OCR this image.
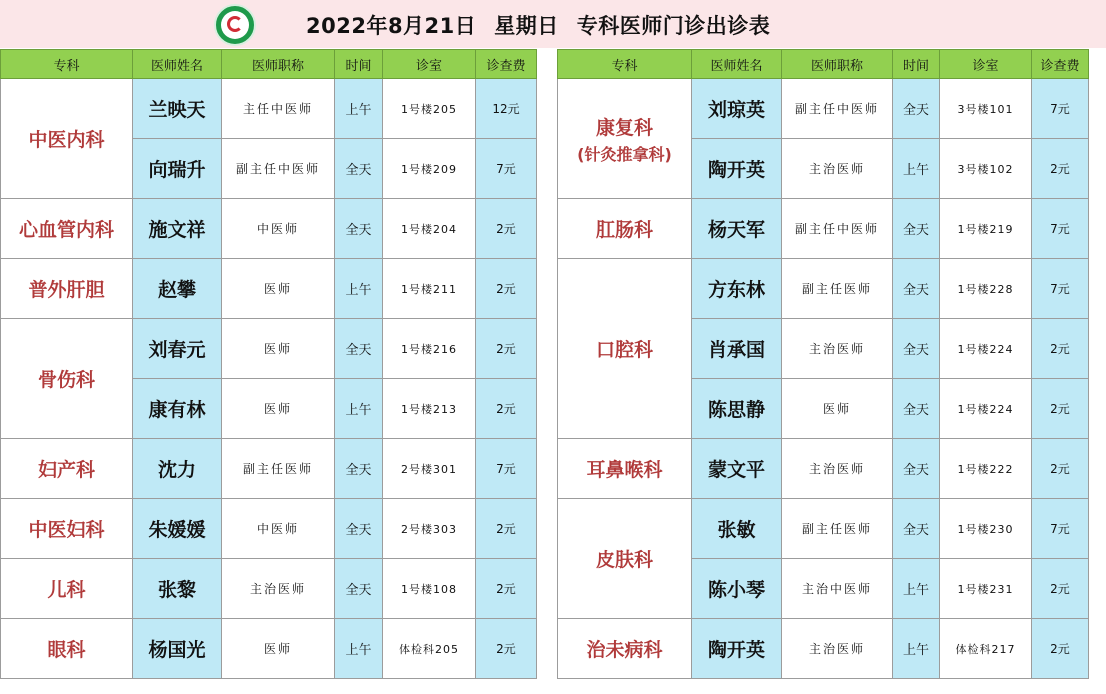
2022年8月21日 星期日 专科医师门诊出诊表
专科	医师姓名	医师职称	时间	诊室	诊查费
中医内科	兰映天	主任中医师	上午	1号楼205	12元
	向瑞升	副主任中医师	全天	1号楼209	7元
心血管内科	施文祥	中医师	全天	1号楼204	2元
普外肝胆	赵攀	医师	上午	1号楼211	2元
骨伤科	刘春元	医师	全天	1号楼216	2元
	康有林	医师	上午	1号楼213	2元
妇产科	沈力	副主任医师	全天	2号楼301	7元
中医妇科	朱媛媛	中医师	全天	2号楼303	2元
儿科	张黎	主治医师	全天	1号楼108	2元
眼科	杨国光	医师	上午	体检科205	2元
专科	医师姓名	医师职称	时间	诊室	诊查费
康复科
(针灸推拿科)	刘琼英	副主任中医师	全天	3号楼101	7元
	陶开英	主治医师	上午	3号楼102	2元
肛肠科	杨天军	副主任中医师	全天	1号楼219	7元
口腔科	方东林	副主任医师	全天	1号楼228	7元
	肖承国	主治医师	全天	1号楼224	2元
	陈思静	医师	全天	1号楼224	2元
耳鼻喉科	蒙文平	主治医师	全天	1号楼222	2元
皮肤科	张敏	副主任医师	全天	1号楼230	7元
	陈小琴	主治中医师	上午	1号楼231	2元
治未病科	陶开英	主治医师	上午	体检科217	2元
